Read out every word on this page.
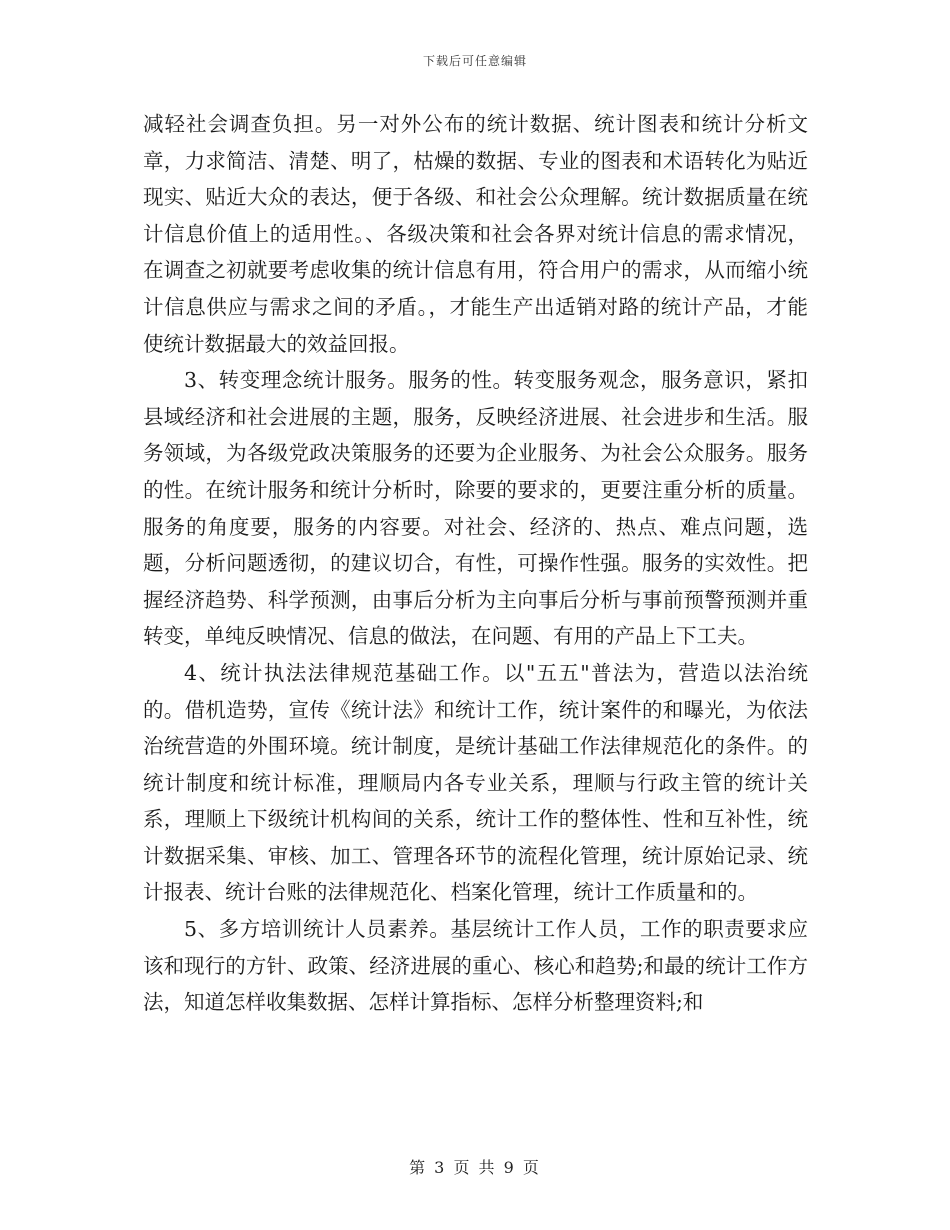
下载后可任意编辑

减轻社会调查负担。另一对外公布的统计数据、统计图表和统计分析文章，力求简洁、清楚、明了，枯燥的数据、专业的图表和术语转化为贴近现实、贴近大众的表达，便于各级、和社会公众理解。统计数据质量在统计信息价值上的适用性。、各级决策和社会各界对统计信息的需求情况，在调查之初就要考虑收集的统计信息有用，符合用户的需求，从而缩小统计信息供应与需求之间的矛盾。，才能生产出适销对路的统计产品，才能使统计数据最大的效益回报。

3、转变理念统计服务。服务的性。转变服务观念，服务意识，紧扣县域经济和社会进展的主题，服务，反映经济进展、社会进步和生活。服务领域，为各级党政决策服务的还要为企业服务、为社会公众服务。服务的性。在统计服务和统计分析时，除要的要求的，更要注重分析的质量。服务的角度要，服务的内容要。对社会、经济的、热点、难点问题，选题，分析问题透彻，的建议切合，有性，可操作性强。服务的实效性。把握经济趋势、科学预测，由事后分析为主向事后分析与事前预警预测并重转变，单纯反映情况、信息的做法，在问题、有用的产品上下工夫。

4、统计执法法律规范基础工作。以"五五"普法为，营造以法治统的。借机造势，宣传《统计法》和统计工作，统计案件的和曝光，为依法治统营造的外围环境。统计制度，是统计基础工作法律规范化的条件。的统计制度和统计标准，理顺局内各专业关系，理顺与行政主管的统计关系，理顺上下级统计机构间的关系，统计工作的整体性、性和互补性，统计数据采集、审核、加工、管理各环节的流程化管理，统计原始记录、统计报表、统计台账的法律规范化、档案化管理，统计工作质量和的。

5、多方培训统计人员素养。基层统计工作人员，工作的职责要求应该和现行的方针、政策、经济进展的重心、核心和趋势;和最的统计工作方法，知道怎样收集数据、怎样计算指标、怎样分析整理资料;和

第 3 页 共 9 页
